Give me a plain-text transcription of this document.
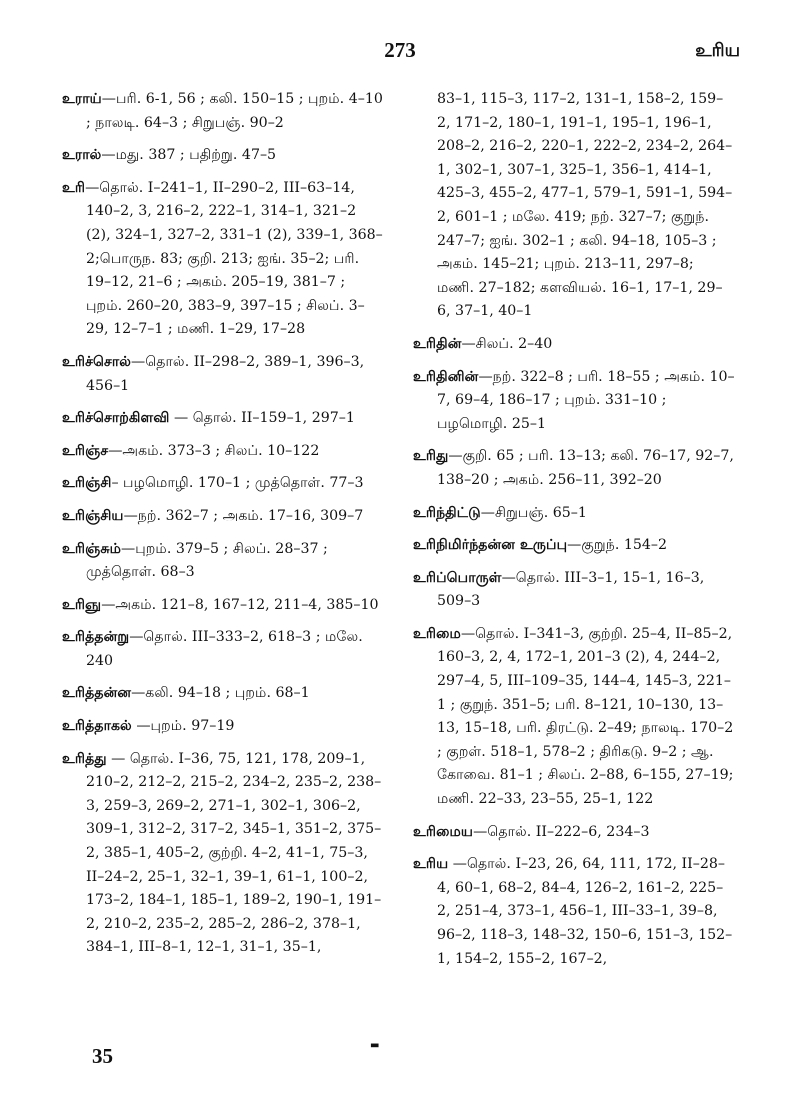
273	உரிய

உராய்—பரி. 6-1, 56 ; கலி. 150–15 ; புறம். 4–10 ; நாலடி. 64–3 ; சிறுபஞ். 90–2

உரால்—மது. 387 ; பதிற்று. 47–5

உரி—தொல். I–241–1, II–290–2, III–63–14, 140–2, 3, 216–2, 222–1, 314–1, 321–2 (2), 324–1, 327–2, 331–1 (2), 339–1, 368–2;பொருந. 83; குறி. 213; ஐங். 35–2; பரி. 19–12, 21–6 ; அகம். 205–19, 381–7 ; புறம். 260–20, 383–9, 397–15 ; சிலப். 3–29, 12–7–1 ; மணி. 1–29, 17–28

உரிச்சொல்—தொல். II–298–2, 389–1, 396–3, 456–1

உரிச்சொற்கிளவி — தொல். II–159–1, 297–1

உரிஞ்ச—அகம். 373–3 ; சிலப். 10–122

உரிஞ்சி– பழமொழி. 170–1 ; முத்தொள். 77–3

உரிஞ்சிய—நற். 362–7 ; அகம். 17–16, 309–7

உரிஞ்சும்—புறம். 379–5 ; சிலப். 28–37 ; முத்தொள். 68–3

உரிஞு—அகம். 121–8, 167–12, 211–4, 385–10

உரித்தன்று—தொல். III–333–2, 618–3 ; மலே. 240

உரித்தன்ன—கலி. 94–18 ; புறம். 68–1

உரித்தாகல் —புறம். 97–19

உரித்து — தொல். I–36, 75, 121, 178, 209–1, 210–2, 212–2, 215–2, 234–2, 235–2, 238–3, 259–3, 269–2, 271–1, 302–1, 306–2, 309–1, 312–2, 317–2, 345–1, 351–2, 375–2, 385–1, 405–2, குற்றி. 4–2, 41–1, 75–3, II–24–2, 25–1, 32–1, 39–1, 61–1, 100–2, 173–2, 184–1, 185–1, 189–2, 190–1, 191–2, 210–2, 235–2, 285–2, 286–2, 378–1, 384–1, III–8–1, 12–1, 31–1, 35–1,

83–1, 115–3, 117–2, 131–1, 158–2, 159–2, 171–2, 180–1, 191–1, 195–1, 196–1, 208–2, 216–2, 220–1, 222–2, 234–2, 264–1, 302–1, 307–1, 325–1, 356–1, 414–1, 425–3, 455–2, 477–1, 579–1, 591–1, 594–2, 601–1 ; மலே. 419; நற். 327–7; குறுந். 247–7; ஐங். 302–1 ; கலி. 94–18, 105–3 ; அகம். 145–21; புறம். 213–11, 297–8; மணி. 27–182; களவியல். 16–1, 17–1, 29–6, 37–1, 40–1

உரிதின்—சிலப். 2–40

உரிதினின்—நற். 322–8 ; பரி. 18–55 ; அகம். 10–7, 69–4, 186–17 ; புறம். 331–10 ; பழமொழி. 25–1

உரிது—குறி. 65 ; பரி. 13–13; கலி. 76–17, 92–7, 138–20 ; அகம். 256–11, 392–20

உரிந்திட்டு—சிறுபஞ். 65–1

உரிநிமிர்ந்தன்ன உருப்பு—குறுந். 154–2

உரிப்பொருள்—தொல். III–3–1, 15–1, 16–3, 509–3

உரிமை—தொல். I–341–3, குற்றி. 25–4, II–85–2, 160–3, 2, 4, 172–1, 201–3 (2), 4, 244–2, 297–4, 5, III–109–35, 144–4, 145–3, 221–1 ; குறுந். 351–5; பரி. 8–121, 10–130, 13–13, 15–18, பரி. திரட்டு. 2–49; நாலடி. 170–2 ; குறள். 518–1, 578–2 ; திரிகடு. 9–2 ; ஆ. கோவை. 81–1 ; சிலப். 2–88, 6–155, 27–19; மணி. 22–33, 23–55, 25–1, 122

உரிமைய—தொல். II–222–6, 234–3

உரிய —தொல். I–23, 26, 64, 111, 172, II–28–4, 60–1, 68–2, 84–4, 126–2, 161–2, 225–2, 251–4, 373–1, 456–1, III–33–1, 39–8, 96–2, 118–3, 148–32, 150–6, 151–3, 152–1, 154–2, 155–2, 167–2,

35	▬
